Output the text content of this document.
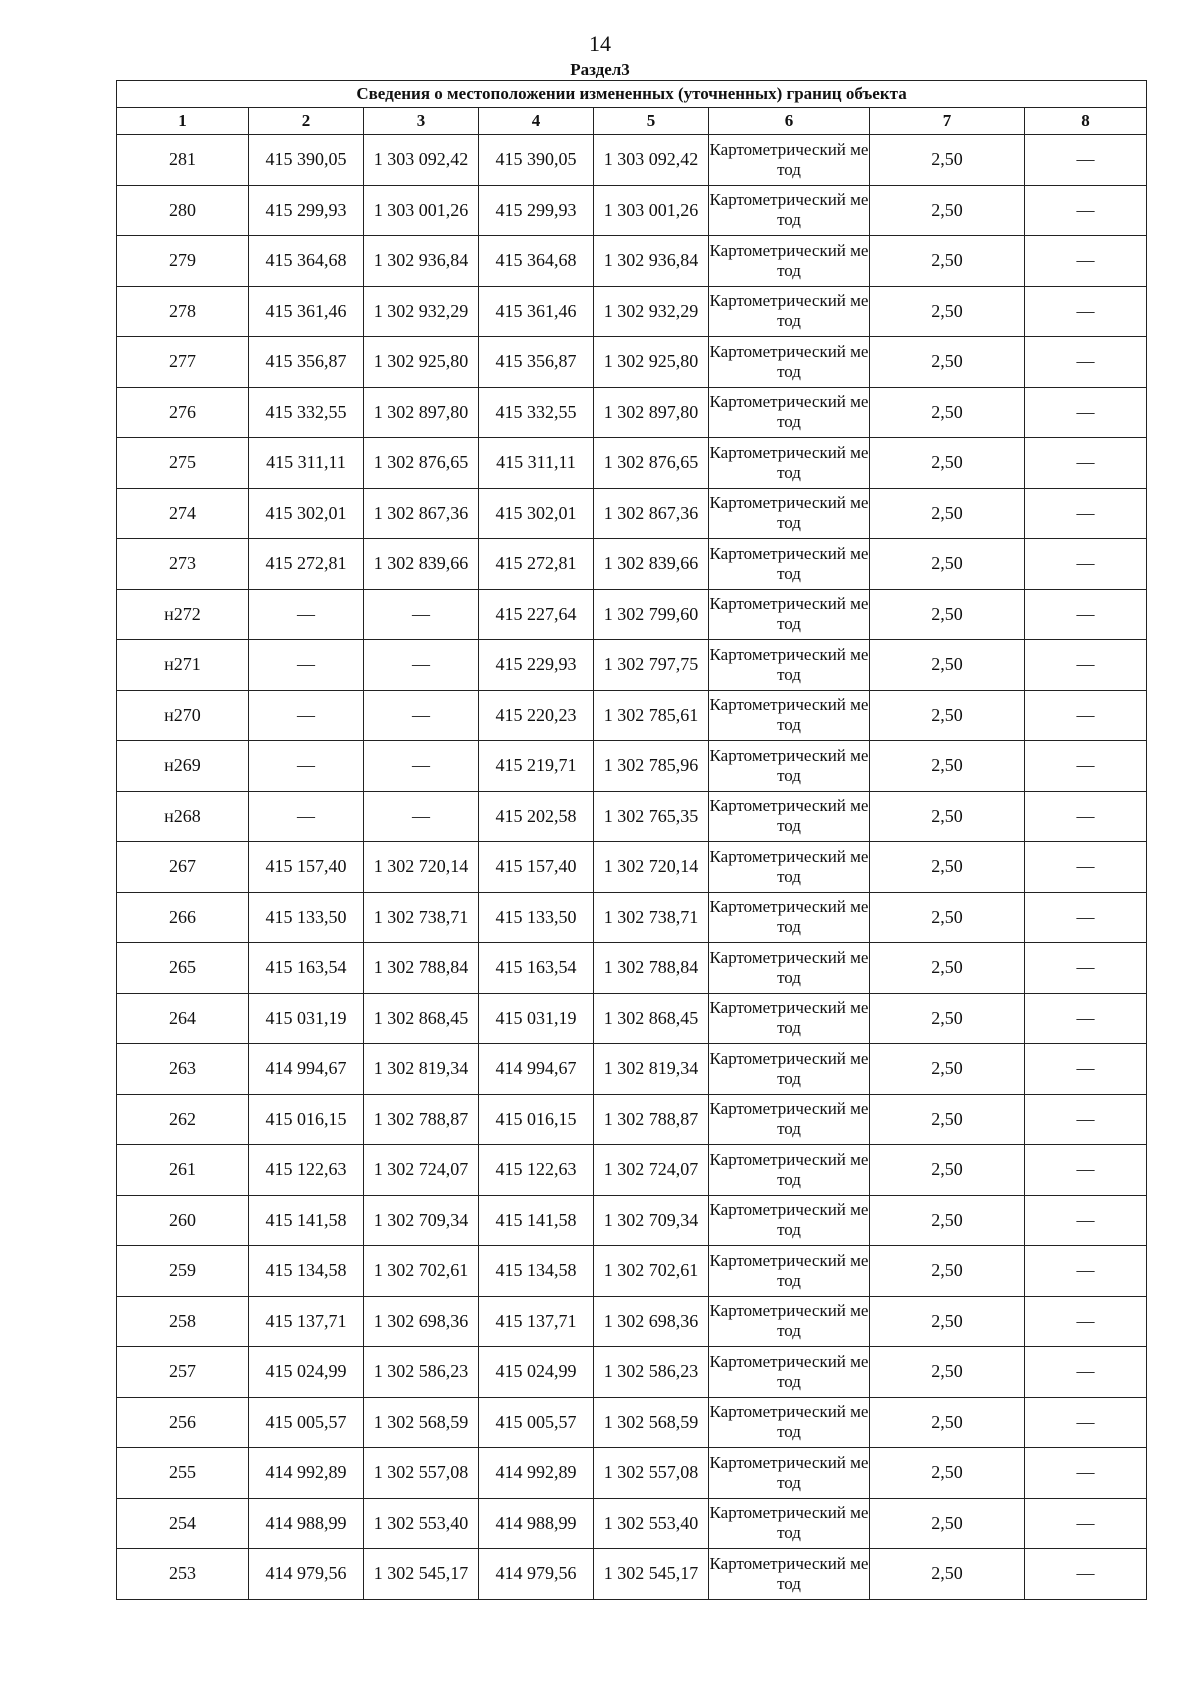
14
Раздел3
Сведения о местоположении измененных (уточненных) границ объекта							
1	2	3	4	5	6	7	8
281	415 390,05	1 303 092,42	415 390,05	1 303 092,42	Картометрический метод	2,50	—
280	415 299,93	1 303 001,26	415 299,93	1 303 001,26	Картометрический метод	2,50	—
279	415 364,68	1 302 936,84	415 364,68	1 302 936,84	Картометрический метод	2,50	—
278	415 361,46	1 302 932,29	415 361,46	1 302 932,29	Картометрический метод	2,50	—
277	415 356,87	1 302 925,80	415 356,87	1 302 925,80	Картометрический метод	2,50	—
276	415 332,55	1 302 897,80	415 332,55	1 302 897,80	Картометрический метод	2,50	—
275	415 311,11	1 302 876,65	415 311,11	1 302 876,65	Картометрический метод	2,50	—
274	415 302,01	1 302 867,36	415 302,01	1 302 867,36	Картометрический метод	2,50	—
273	415 272,81	1 302 839,66	415 272,81	1 302 839,66	Картометрический метод	2,50	—
н272	—	—	415 227,64	1 302 799,60	Картометрический метод	2,50	—
н271	—	—	415 229,93	1 302 797,75	Картометрический метод	2,50	—
н270	—	—	415 220,23	1 302 785,61	Картометрический метод	2,50	—
н269	—	—	415 219,71	1 302 785,96	Картометрический метод	2,50	—
н268	—	—	415 202,58	1 302 765,35	Картометрический метод	2,50	—
267	415 157,40	1 302 720,14	415 157,40	1 302 720,14	Картометрический метод	2,50	—
266	415 133,50	1 302 738,71	415 133,50	1 302 738,71	Картометрический метод	2,50	—
265	415 163,54	1 302 788,84	415 163,54	1 302 788,84	Картометрический метод	2,50	—
264	415 031,19	1 302 868,45	415 031,19	1 302 868,45	Картометрический метод	2,50	—
263	414 994,67	1 302 819,34	414 994,67	1 302 819,34	Картометрический метод	2,50	—
262	415 016,15	1 302 788,87	415 016,15	1 302 788,87	Картометрический метод	2,50	—
261	415 122,63	1 302 724,07	415 122,63	1 302 724,07	Картометрический метод	2,50	—
260	415 141,58	1 302 709,34	415 141,58	1 302 709,34	Картометрический метод	2,50	—
259	415 134,58	1 302 702,61	415 134,58	1 302 702,61	Картометрический метод	2,50	—
258	415 137,71	1 302 698,36	415 137,71	1 302 698,36	Картометрический метод	2,50	—
257	415 024,99	1 302 586,23	415 024,99	1 302 586,23	Картометрический метод	2,50	—
256	415 005,57	1 302 568,59	415 005,57	1 302 568,59	Картометрический метод	2,50	—
255	414 992,89	1 302 557,08	414 992,89	1 302 557,08	Картометрический метод	2,50	—
254	414 988,99	1 302 553,40	414 988,99	1 302 553,40	Картометрический метод	2,50	—
253	414 979,56	1 302 545,17	414 979,56	1 302 545,17	Картометрический метод	2,50	—
